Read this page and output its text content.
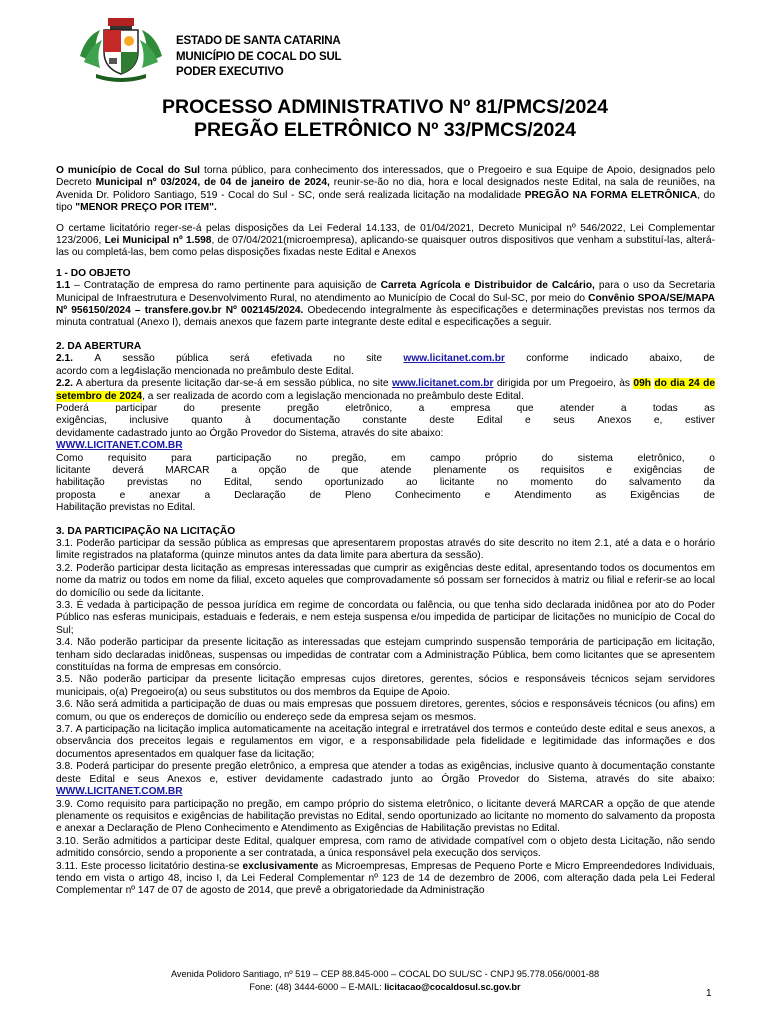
ESTADO DE SANTA CATARINA
MUNICÍPIO DE COCAL DO SUL
PODER EXECUTIVO
PROCESSO ADMINISTRATIVO Nº 81/PMCS/2024
PREGÃO ELETRÔNICO Nº 33/PMCS/2024

O município de Cocal do Sul torna público, para conhecimento dos interessados, que o Pregoeiro e sua Equipe de Apoio, designados pelo Decreto Municipal nº 03/2024, de 04 de janeiro de 2024, reunir-se-ão no dia, hora e local designados neste Edital, na sala de reuniões, na Avenida Dr. Polidoro Santiago, 519 - Cocal do Sul - SC, onde será realizada licitação na modalidade PREGÃO NA FORMA ELETRÔNICA, do tipo "MENOR PREÇO POR ITEM".

O certame licitatório reger-se-á pelas disposições da Lei Federal 14.133, de 01/04/2021, Decreto Municipal nº 546/2022, Lei Complementar 123/2006, Lei Municipal nº 1.598, de 07/04/2021(microempresa), aplicando-se quaisquer outros dispositivos que venham a substituí-las, alterá-las ou completá-las, bem como pelas disposições fixadas neste Edital e Anexos

1 - DO OBJETO

1.1 – Contratação de empresa do ramo pertinente para aquisição de Carreta Agrícola e Distribuidor de Calcário, para o uso da Secretaria Municipal de Infraestrutura e Desenvolvimento Rural, no atendimento ao Município de Cocal do Sul-SC, por meio do Convênio SPOA/SE/MAPA Nº 956150/2024 – transfere.gov.br Nº 002145/2024. Obedecendo integralmente às especificações e determinações previstas nos termos da minuta contratual (Anexo I), demais anexos que fazem parte integrante deste edital e especificações a seguir.

2. DA ABERTURA

2.1. A sessão pública será efetivada no site www.licitanet.com.br conforme indicado abaixo, de

acordo com a leg4islação mencionada no preâmbulo deste Edital.

2.2. A abertura da presente licitação dar-se-á em sessão pública, no site www.licitanet.com.br dirigida por um Pregoeiro, às 09h do dia 24 de setembro de 2024, a ser realizada de acordo com a legislação mencionada no preâmbulo deste Edital.

Poderá	participar	do	presente	pregão	eletrônico,	a	empresa	que	atender	a	todas	as
exigências, inclusive quanto à documentação constante deste Edital e seus Anexos e, estiver

devidamente cadastrado junto ao Órgão Provedor do Sistema, através do site abaixo:

WWW.LICITANET.COM.BR

Como requisito para participação no pregão, em campo próprio do sistema eletrônico, o
licitante deverá MARCAR a opção de que atende plenamente os requisitos e exigências de
habilitação previstas no Edital, sendo oportunizado ao licitante no momento do salvamento da
proposta e anexar a Declaração de Pleno Conhecimento e Atendimento as Exigências de

Habilitação previstas no Edital.

3. DA PARTICIPAÇÃO NA LICITAÇÃO

3.1. Poderão participar da sessão pública as empresas que apresentarem propostas através do site descrito no item 2.1, até a data e o horário limite registrados na plataforma (quinze minutos antes da data limite para abertura da sessão).

3.2. Poderão participar desta licitação as empresas interessadas que cumprir as exigências deste edital, apresentando todos os documentos em nome da matriz ou todos em nome da filial, exceto aqueles que comprovadamente só possam ser fornecidos à matriz ou filial e referir-se ao local do domicílio ou sede da licitante.

3.3. É vedada à participação de pessoa jurídica em regime de concordata ou falência, ou que tenha sido declarada inidônea por ato do Poder Público nas esferas municipais, estaduais e federais, e nem esteja suspensa e/ou impedida de participar de licitações no município de Cocal do Sul;

3.4. Não poderão participar da presente licitação as interessadas que estejam cumprindo suspensão temporária de participação em licitação, tenham sido declaradas inidôneas, suspensas ou impedidas de contratar com a Administração Pública, bem como licitantes que se apresentem constituídas na forma de empresas em consórcio.

3.5. Não poderão participar da presente licitação empresas cujos diretores, gerentes, sócios e responsáveis técnicos sejam servidores municipais, o(a) Pregoeiro(a) ou seus substitutos ou dos membros da Equipe de Apoio.

3.6. Não será admitida a participação de duas ou mais empresas que possuem diretores, gerentes, sócios e responsáveis técnicos (ou afins) em comum, ou que os endereços de domicílio ou endereço sede da empresa sejam os mesmos.

3.7. A participação na licitação implica automaticamente na aceitação integral e irretratável dos termos e conteúdo deste edital e seus anexos, a observância dos preceitos legais e regulamentos em vigor, e a responsabilidade pela fidelidade e legitimidade das informações e dos documentos apresentados em qualquer fase da licitação;

3.8. Poderá participar do presente pregão eletrônico, a empresa que atender a todas as exigências, inclusive quanto à documentação constante deste Edital e seus Anexos e, estiver devidamente cadastrado junto ao Órgão Provedor do Sistema, através do site abaixo: WWW.LICITANET.COM.BR

3.9. Como requisito para participação no pregão, em campo próprio do sistema eletrônico, o licitante deverá MARCAR a opção de que atende plenamente os requisitos e exigências de habilitação previstas no Edital, sendo oportunizado ao licitante no momento do salvamento da proposta e anexar a Declaração de Pleno Conhecimento e Atendimento as Exigências de Habilitação previstas no Edital.

3.10. Serão admitidos a participar deste Edital, qualquer empresa, com ramo de atividade compatível com o objeto desta Licitação, não sendo admitido consórcio, sendo a proponente a ser contratada, a única responsável pela execução dos serviços.

3.11. Este processo licitatório destina-se exclusivamente as Microempresas, Empresas de Pequeno Porte e Micro Empreendedores Individuais, tendo em vista o artigo 48, inciso I, da Lei Federal Complementar nº 123 de 14 de dezembro de 2006, com alteração dada pela Lei Federal Complementar nº 147 de 07 de agosto de 2014, que prevê a obrigatoriedade da Administração

Avenida Polidoro Santiago, nº 519 – CEP 88.845-000 – COCAL DO SUL/SC - CNPJ 95.778.056/0001-88
Fone: (48) 3444-6000 – E-MAIL: licitacao@cocaldosul.sc.gov.br
1
